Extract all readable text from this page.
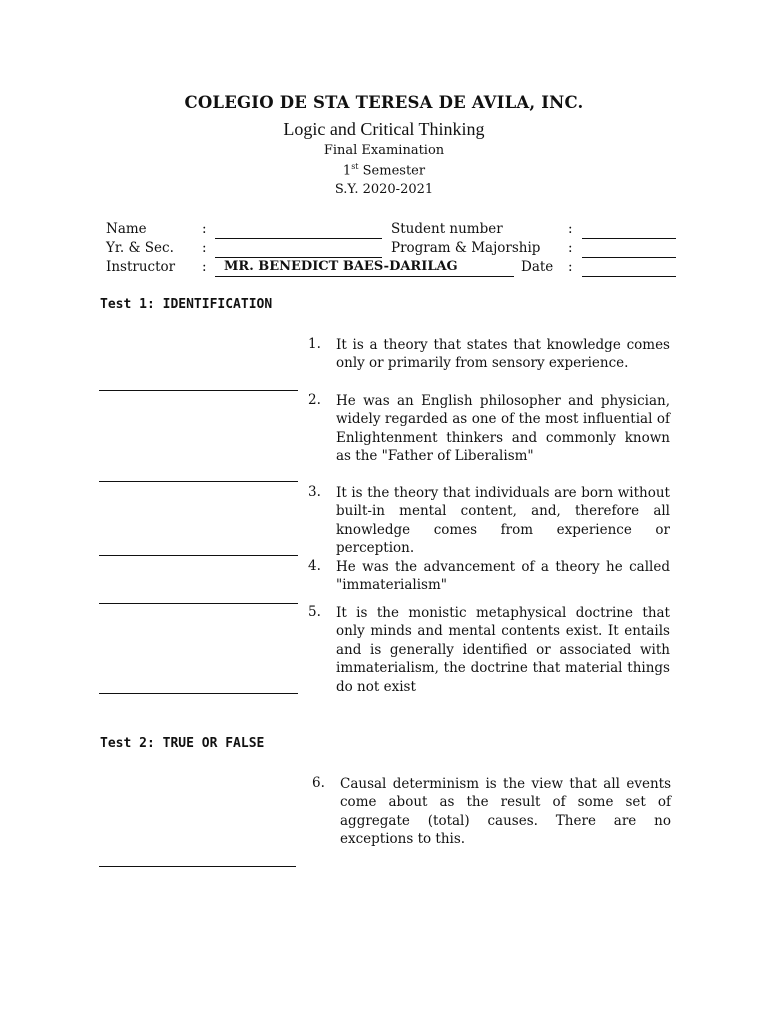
COLEGIO DE STA TERESA DE AVILA, INC.
Logic and Critical Thinking
Final Examination
1st Semester
S.Y. 2020-2021
Name	:
Yr. & Sec. :
Instructor : MR. BENEDICT BAES-DARILAG
Student number	:
Program & Majorship :
Date :
Test 1: IDENTIFICATION
1. It is a theory that states that knowledge comes only or primarily from sensory experience.
2. He was an English philosopher and physician, widely regarded as one of the most influential of Enlightenment thinkers and commonly known as the "Father of Liberalism"
3. It is the theory that individuals are born without built-in mental content, and, therefore all knowledge comes from experience or perception.
4. He was the advancement of a theory he called "immaterialism"
5. It is the monistic metaphysical doctrine that only minds and mental contents exist. It entails and is generally identified or associated with immaterialism, the doctrine that material things do not exist
Test 2: TRUE OR FALSE
6. Causal determinism is the view that all events come about as the result of some set of aggregate (total) causes. There are no exceptions to this.
